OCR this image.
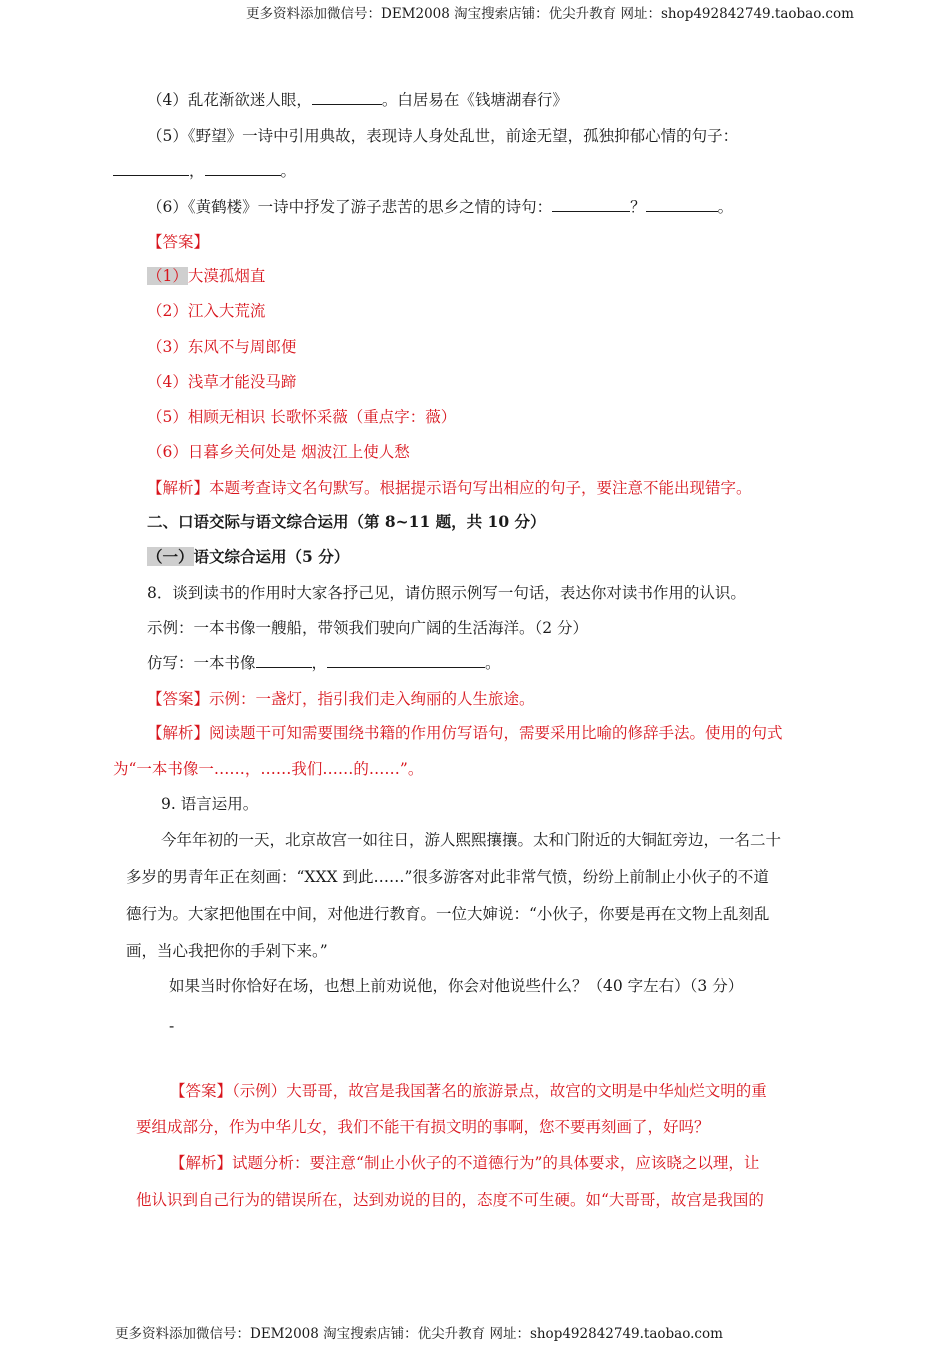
更多资料添加微信号：DEM2008 淘宝搜索店铺：优尖升教育 网址：shop492842749.taobao.com
（4）乱花渐欲迷人眼，	。白居易在《钱塘湖春行》
（5）《野望》一诗中引用典故，表现诗人身处乱世，前途无望，孤独抑郁心情的句子：
，	。
（6）《黄鹤楼》一诗中抒发了游子悲苦的思乡之情的诗句：	？	。
【答案】
（1）大漠孤烟直
（2）江入大荒流
（3）东风不与周郎便
（4）浅草才能没马蹄
（5）相顾无相识 长歌怀采薇（重点字：薇）
（6）日暮乡关何处是 烟波江上使人愁
【解析】本题考查诗文名句默写。根据提示语句写出相应的句子，要注意不能出现错字。
二、口语交际与语文综合运用（第 8~11 题，共 10 分）
（一）语文综合运用（5 分）
8．谈到读书的作用时大家各抒己见，请仿照示例写一句话，表达你对读书作用的认识。
示例：一本书像一艘船，带领我们驶向广阔的生活海洋。（2 分）
仿写：一本书像	，	。
【答案】示例：一盏灯，指引我们走入绚丽的人生旅途。
【解析】阅读题干可知需要围绕书籍的作用仿写语句，需要采用比喻的修辞手法。使用的句式
为“一本书像一……，……我们……的……”。
9. 语言运用。
今年年初的一天，北京故宫一如往日，游人熙熙攘攘。太和门附近的大铜缸旁边，一名二十
多岁的男青年正在刻画：“XXX 到此……”很多游客对此非常气愤，纷纷上前制止小伙子的不道
德行为。大家把他围在中间，对他进行教育。一位大婶说：“小伙子，你要是再在文物上乱刻乱
画，当心我把你的手剁下来。”
如果当时你恰好在场，也想上前劝说他，你会对他说些什么？（40 字左右）（3 分）
-
【答案】（示例）大哥哥，故宫是我国著名的旅游景点，故宫的文明是中华灿烂文明的重
要组成部分，作为中华儿女，我们不能干有损文明的事啊，您不要再刻画了，好吗？
【解析】试题分析：要注意“制止小伙子的不道德行为”的具体要求，应该晓之以理，让
他认识到自己行为的错误所在，达到劝说的目的，态度不可生硬。如“大哥哥，故宫是我国的
更多资料添加微信号：DEM2008 淘宝搜索店铺：优尖升教育 网址：shop492842749.taobao.com
